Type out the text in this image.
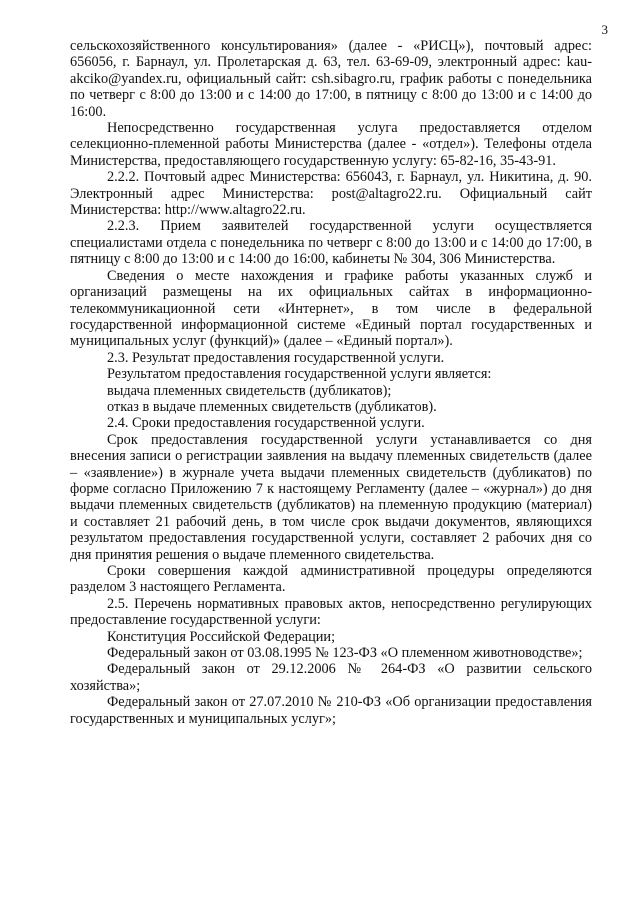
3

сельскохозяйственного консультирования» (далее - «РИСЦ»), почтовый адрес: 656056, г. Барнаул, ул. Пролетарская д. 63, тел. 63-69-09, электронный адрес: kau-akciko@yandex.ru, официальный сайт: csh.sibagro.ru, график работы с понедельника по четверг с 8:00 до 13:00 и с 14:00 до 17:00, в пятницу с 8:00 до 13:00 и с 14:00 до 16:00.

Непосредственно государственная услуга предоставляется отделом селекционно-племенной работы Министерства (далее - «отдел»). Телефоны отдела Министерства, предоставляющего государственную услугу: 65-82-16, 35-43-91.

2.2.2. Почтовый адрес Министерства: 656043, г. Барнаул, ул. Никитина, д. 90. Электронный адрес Министерства: post@altagro22.ru. Официальный сайт Министерства: http://www.altagro22.ru.

2.2.3. Прием заявителей государственной услуги осуществляется специалистами отдела с понедельника по четверг с 8:00 до 13:00 и с 14:00 до 17:00, в пятницу с 8:00 до 13:00 и с 14:00 до 16:00, кабинеты № 304, 306 Министерства.

Сведения о месте нахождения и графике работы указанных служб и организаций размещены на их официальных сайтах в информационно-телекоммуникационной сети «Интернет», в том числе в федеральной государственной информационной системе «Единый портал государственных и муниципальных услуг (функций)» (далее – «Единый портал»).

2.3. Результат предоставления государственной услуги.

Результатом предоставления государственной услуги является:

выдача племенных свидетельств (дубликатов);

отказ в выдаче племенных свидетельств (дубликатов).

2.4. Сроки предоставления государственной услуги.

Срок предоставления государственной услуги устанавливается со дня внесения записи о регистрации заявления на выдачу племенных свидетельств (далее – «заявление») в журнале учета выдачи племенных свидетельств (дубликатов) по форме согласно Приложению 7 к настоящему Регламенту (далее – «журнал») до дня выдачи племенных свидетельств (дубликатов) на племенную продукцию (материал) и составляет 21 рабочий день, в том числе срок выдачи документов, являющихся результатом предоставления государственной услуги, составляет 2 рабочих дня со дня принятия решения о выдаче племенного свидетельства.

Сроки совершения каждой административной процедуры определяются разделом 3 настоящего Регламента.

2.5. Перечень нормативных правовых актов, непосредственно регулирующих предоставление государственной услуги:

Конституция Российской Федерации;

Федеральный закон от 03.08.1995 № 123-ФЗ «О племенном животноводстве»;

Федеральный закон от 29.12.2006 № 264-ФЗ «О развитии сельского хозяйства»;

Федеральный закон от 27.07.2010 № 210-ФЗ «Об организации предоставления государственных и муниципальных услуг»;
